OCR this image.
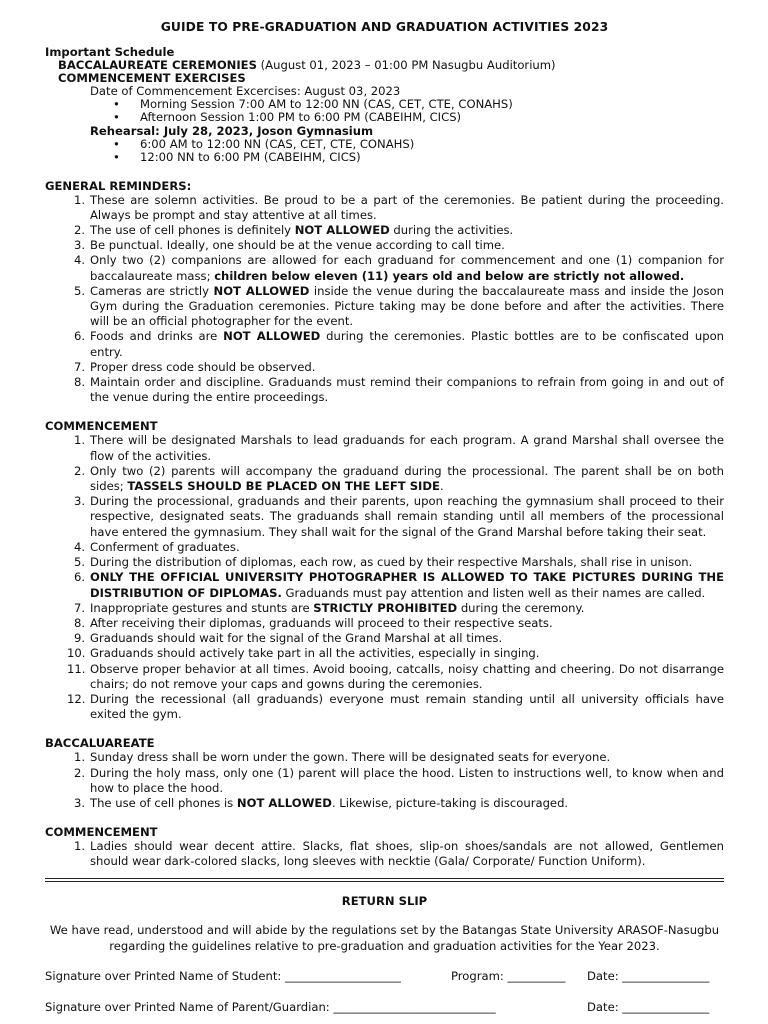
GUIDE TO PRE-GRADUATION AND GRADUATION ACTIVITIES 2023
Important Schedule
BACCALAUREATE CEREMONIES (August 01, 2023 – 01:00 PM Nasugbu Auditorium)
COMMENCEMENT EXERCISES
Date of Commencement Excercises: August 03, 2023
• Morning Session 7:00 AM to 12:00 NN (CAS, CET, CTE, CONAHS)
• Afternoon Session 1:00 PM to 6:00 PM (CABEIHM, CICS)
Rehearsal: July 28, 2023, Joson Gymnasium
• 6:00 AM to 12:00 NN (CAS, CET, CTE, CONAHS)
• 12:00 NN to 6:00 PM (CABEIHM, CICS)
GENERAL REMINDERS:
1. These are solemn activities. Be proud to be a part of the ceremonies. Be patient during the proceeding. Always be prompt and stay attentive at all times.
2. The use of cell phones is definitely NOT ALLOWED during the activities.
3. Be punctual. Ideally, one should be at the venue according to call time.
4. Only two (2) companions are allowed for each graduand for commencement and one (1) companion for baccalaureate mass; children below eleven (11) years old and below are strictly not allowed.
5. Cameras are strictly NOT ALLOWED inside the venue during the baccalaureate mass and inside the Joson Gym during the Graduation ceremonies. Picture taking may be done before and after the activities. There will be an official photographer for the event.
6. Foods and drinks are NOT ALLOWED during the ceremonies. Plastic bottles are to be confiscated upon entry.
7. Proper dress code should be observed.
8. Maintain order and discipline. Graduands must remind their companions to refrain from going in and out of the venue during the entire proceedings.
COMMENCEMENT
1. There will be designated Marshals to lead graduands for each program. A grand Marshal shall oversee the flow of the activities.
2. Only two (2) parents will accompany the graduand during the processional. The parent shall be on both sides; TASSELS SHOULD BE PLACED ON THE LEFT SIDE.
3. During the processional, graduands and their parents, upon reaching the gymnasium shall proceed to their respective, designated seats. The graduands shall remain standing until all members of the processional have entered the gymnasium. They shall wait for the signal of the Grand Marshal before taking their seat.
4. Conferment of graduates.
5. During the distribution of diplomas, each row, as cued by their respective Marshals, shall rise in unison.
6. ONLY THE OFFICIAL UNIVERSITY PHOTOGRAPHER IS ALLOWED TO TAKE PICTURES DURING THE DISTRIBUTION OF DIPLOMAS. Graduands must pay attention and listen well as their names are called.
7. Inappropriate gestures and stunts are STRICTLY PROHIBITED during the ceremony.
8. After receiving their diplomas, graduands will proceed to their respective seats.
9. Graduands should wait for the signal of the Grand Marshal at all times.
10. Graduands should actively take part in all the activities, especially in singing.
11. Observe proper behavior at all times. Avoid booing, catcalls, noisy chatting and cheering. Do not disarrange chairs; do not remove your caps and gowns during the ceremonies.
12. During the recessional (all graduands) everyone must remain standing until all university officials have exited the gym.
BACCALUAREATE
1. Sunday dress shall be worn under the gown. There will be designated seats for everyone.
2. During the holy mass, only one (1) parent will place the hood. Listen to instructions well, to know when and how to place the hood.
3. The use of cell phones is NOT ALLOWED. Likewise, picture-taking is discouraged.
COMMENCEMENT
1. Ladies should wear decent attire. Slacks, flat shoes, slip-on shoes/sandals are not allowed, Gentlemen should wear dark-colored slacks, long sleeves with necktie (Gala/ Corporate/ Function Uniform).
RETURN SLIP
We have read, understood and will abide by the regulations set by the Batangas State University ARASOF-Nasugbu
regarding the guidelines relative to pre-graduation and graduation activities for the Year 2023.
Signature over Printed Name of Student: ____________________	Program: __________ Date: _______________
Signature over Printed Name of Parent/Guardian: ____________________________	Date: _______________
